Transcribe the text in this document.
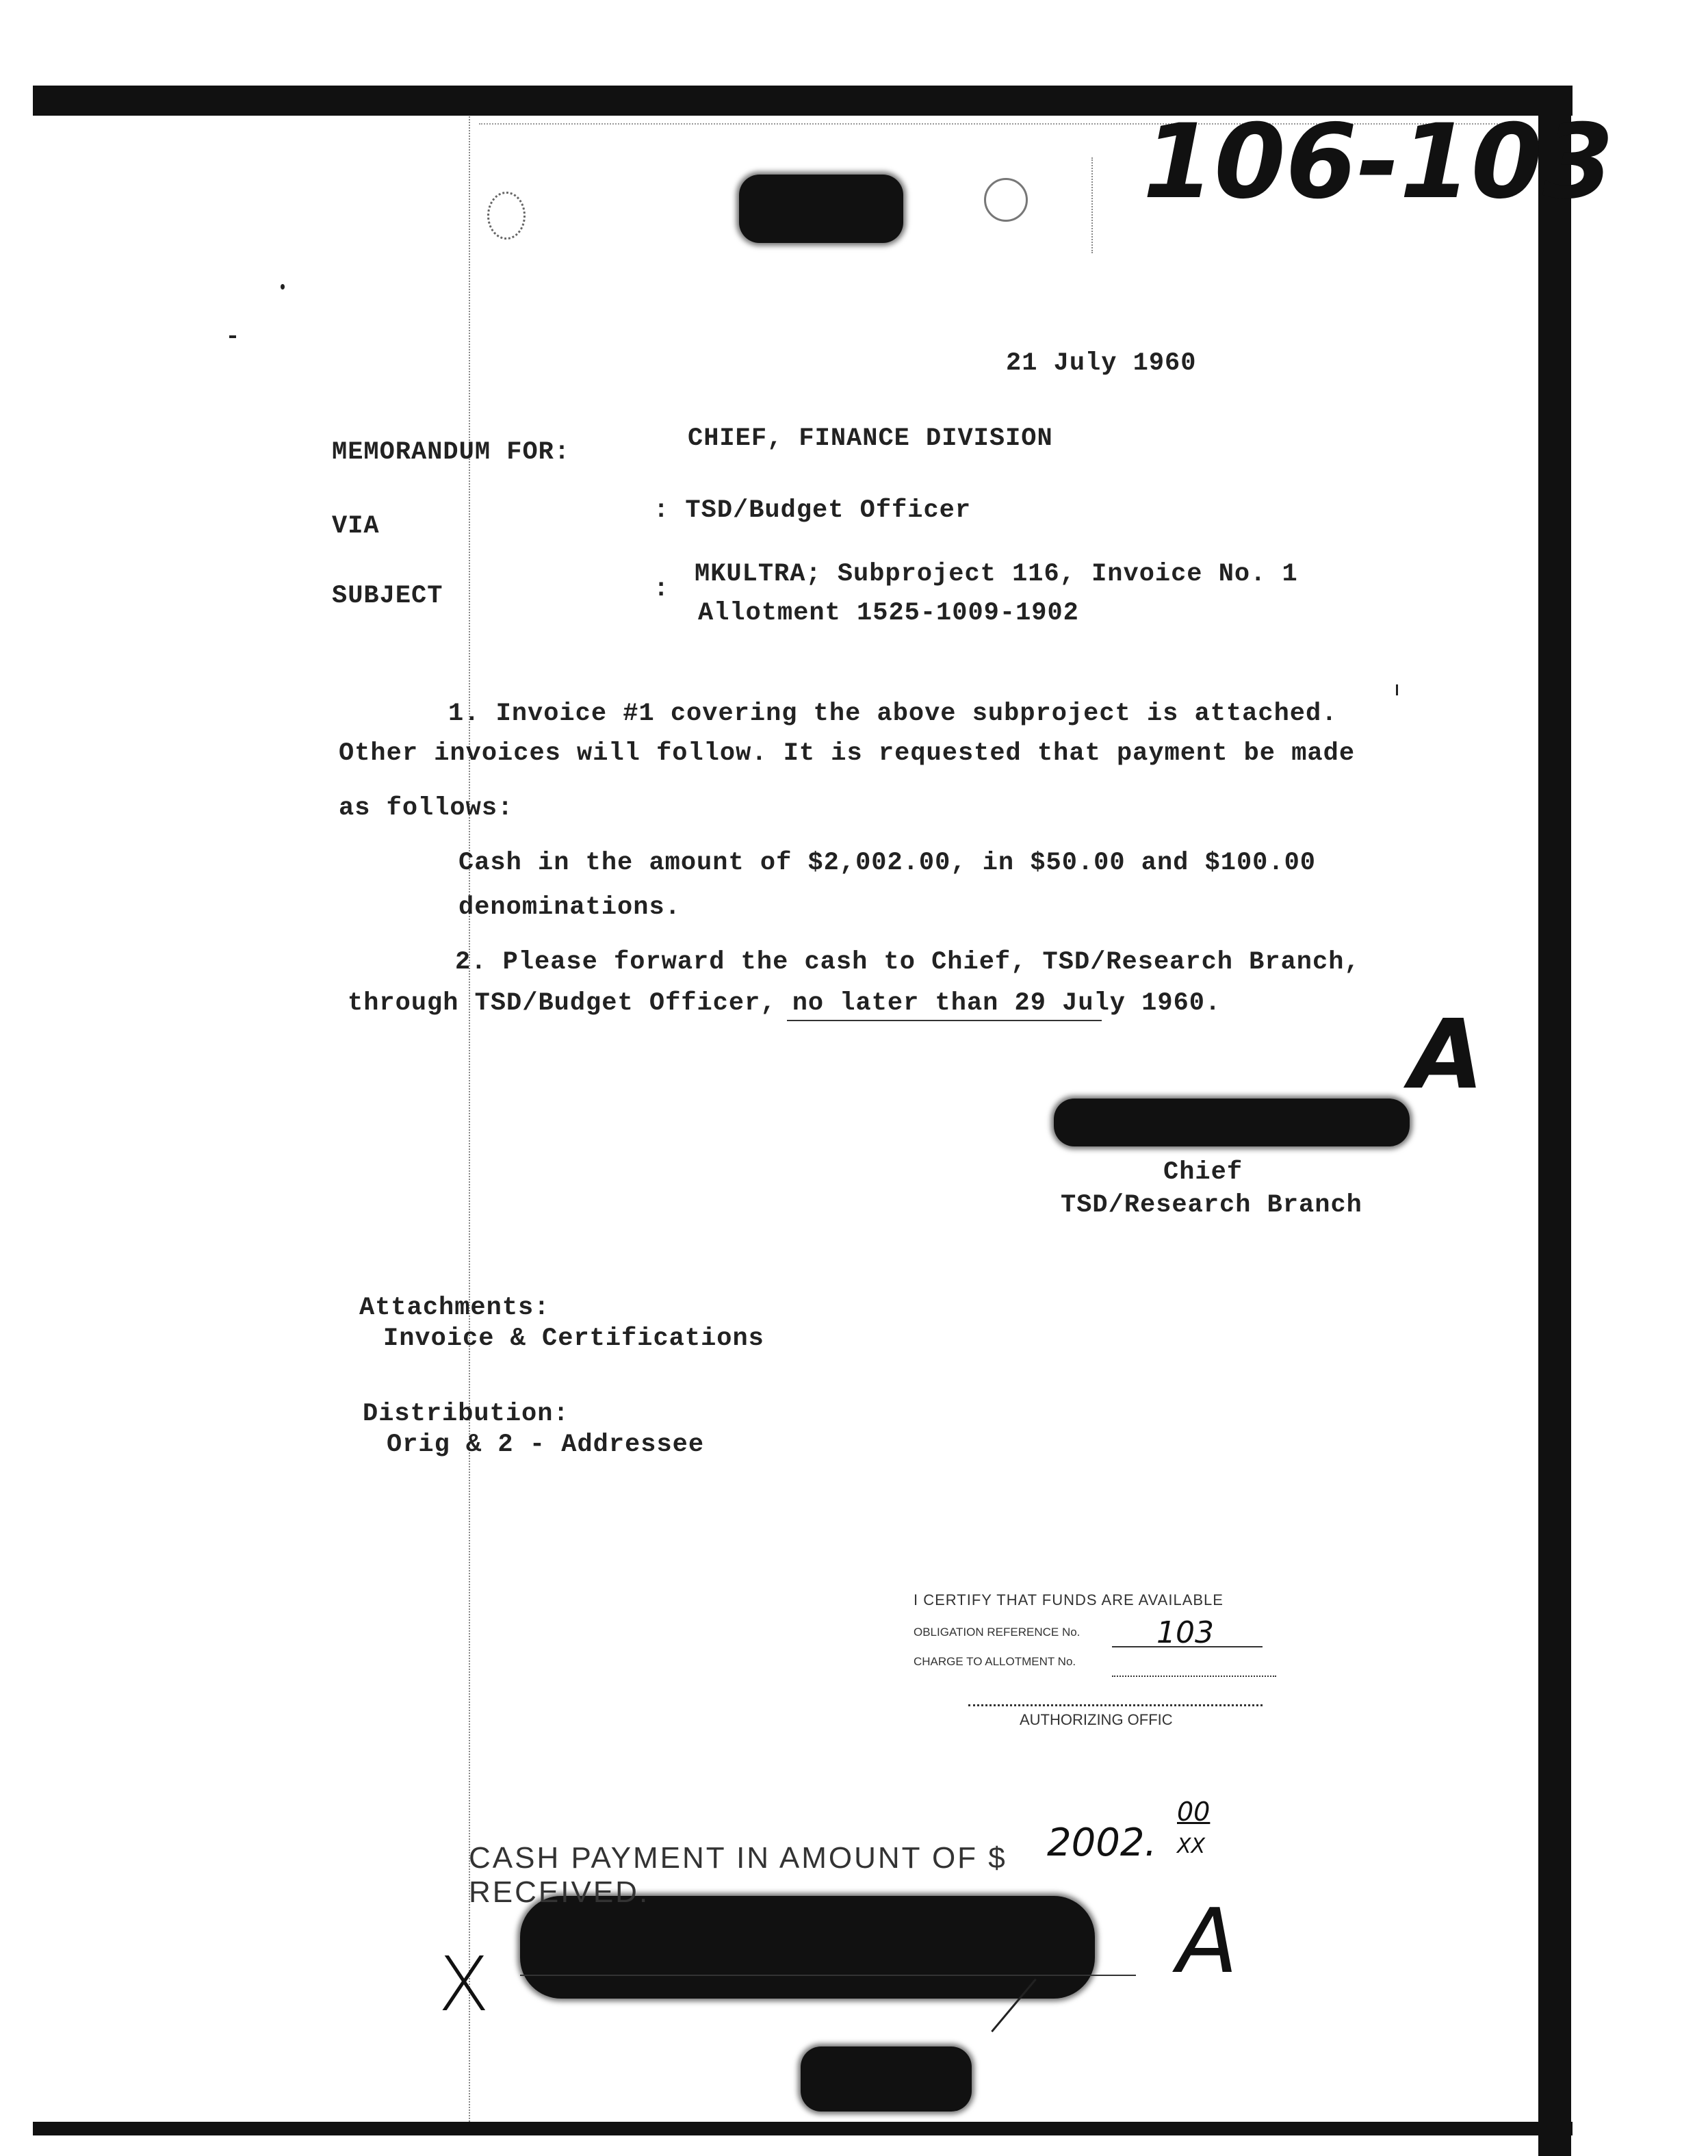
106-103
21 July 1960
MEMORANDUM FOR:	CHIEF, FINANCE DIVISION
VIA
: TSD/Budget Officer
SUBJECT	:
MKULTRA; Subproject 116, Invoice No. 1
Allotment 1525-1009-1902
1. Invoice #1 covering the above subproject is attached.
Other invoices will follow. It is requested that payment be made
as follows:
Cash in the amount of $2,002.00, in $50.00 and $100.00
denominations.
2. Please forward the cash to Chief, TSD/Research Branch,
through TSD/Budget Officer, no later than 29 July 1960. A
Chief
TSD/Research Branch
Attachments:
Invoice & Certifications
Distribution:
Orig & 2 - Addressee
I CERTIFY THAT FUNDS ARE AVAILABLE
OBLIGATION REFERENCE No.	103
CHARGE TO ALLOTMENT No.
AUTHORIZING OFFIC
CASH PAYMENT IN AMOUNT OF $ 2002.
00
XX
RECEIVED.	A
X
